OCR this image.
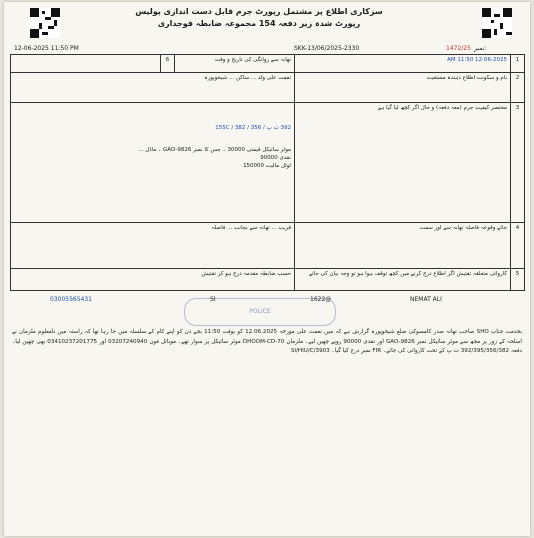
سرکاری اطلاع پر مشتمل رپورٹ جرم قابل دست اندازی پولیس رپورٹ شدہ زیر دفعہ 154 مجموعہ ضابطہ فوجداری
نمبر:
1472/25
SKK-13/06/2025-2330
12-06-2025 11:50 PM
	6	تھانہ سے روانگی کی تاریخ و وقت	12-06-2025 11:50 AM	1
نعمت علی ولد ... ساکن ... شیخوپورہ			نام و سکونت اطلاع دہندہ مستغیث	2

392 ت پ / 356 / 382 / 155C
موٹر سائیکل قیمتی 30000 ۔ جس کا نمبر GAO-9826 ۔ ماڈل ...
نقدی 90000
ٹوٹل مالیت 150000			مختصر کیفیت جرم (معہ دفعہ) و حال اگر کچھ لیا گیا ہے	3
قریب ... تھانہ سے بجانب ... فاصلہ			جائے وقوعہ فاصلہ تھانہ سے اور سمت	4
حسب ضابطہ مقدمہ درج ہو کر تفتیش			کاروائی متعلقہ تفتیش اگر اطلاع درج کرنے میں کچھ توقف ہوا ہو تو وجہ بیان کی جائے	5
NEMAT ALI
1622@
SI
03005565431
POLICE
بخدمت جناب SHO صاحب تھانہ صدر کامسوکی ضلع شیخوپورہ گزارش ہے کہ میں نعمت علی مورخہ 12.06.2025 کو بوقت 11:50 بجے دن کو اپنے کام کے سلسلہ میں جا رہا تھا کہ راستہ میں نامعلوم ملزمان نے اسلحہ کے زور پر مجھ سے موٹر سائیکل نمبر GAO-9826 اور نقدی 90000 روپے چھین لیے۔ ملزمان DHOOM-CD-70 موٹر سائیکل پر سوار تھے۔ موبائل فون 03207240940 اور 03410237201775 بھی چھین لیا۔ دفعہ 392/395/356/382 ت پ کے تحت کاروائی کی جائے۔ FIR نمبر درج کیا گیا۔ SI/HIU/C/3903
